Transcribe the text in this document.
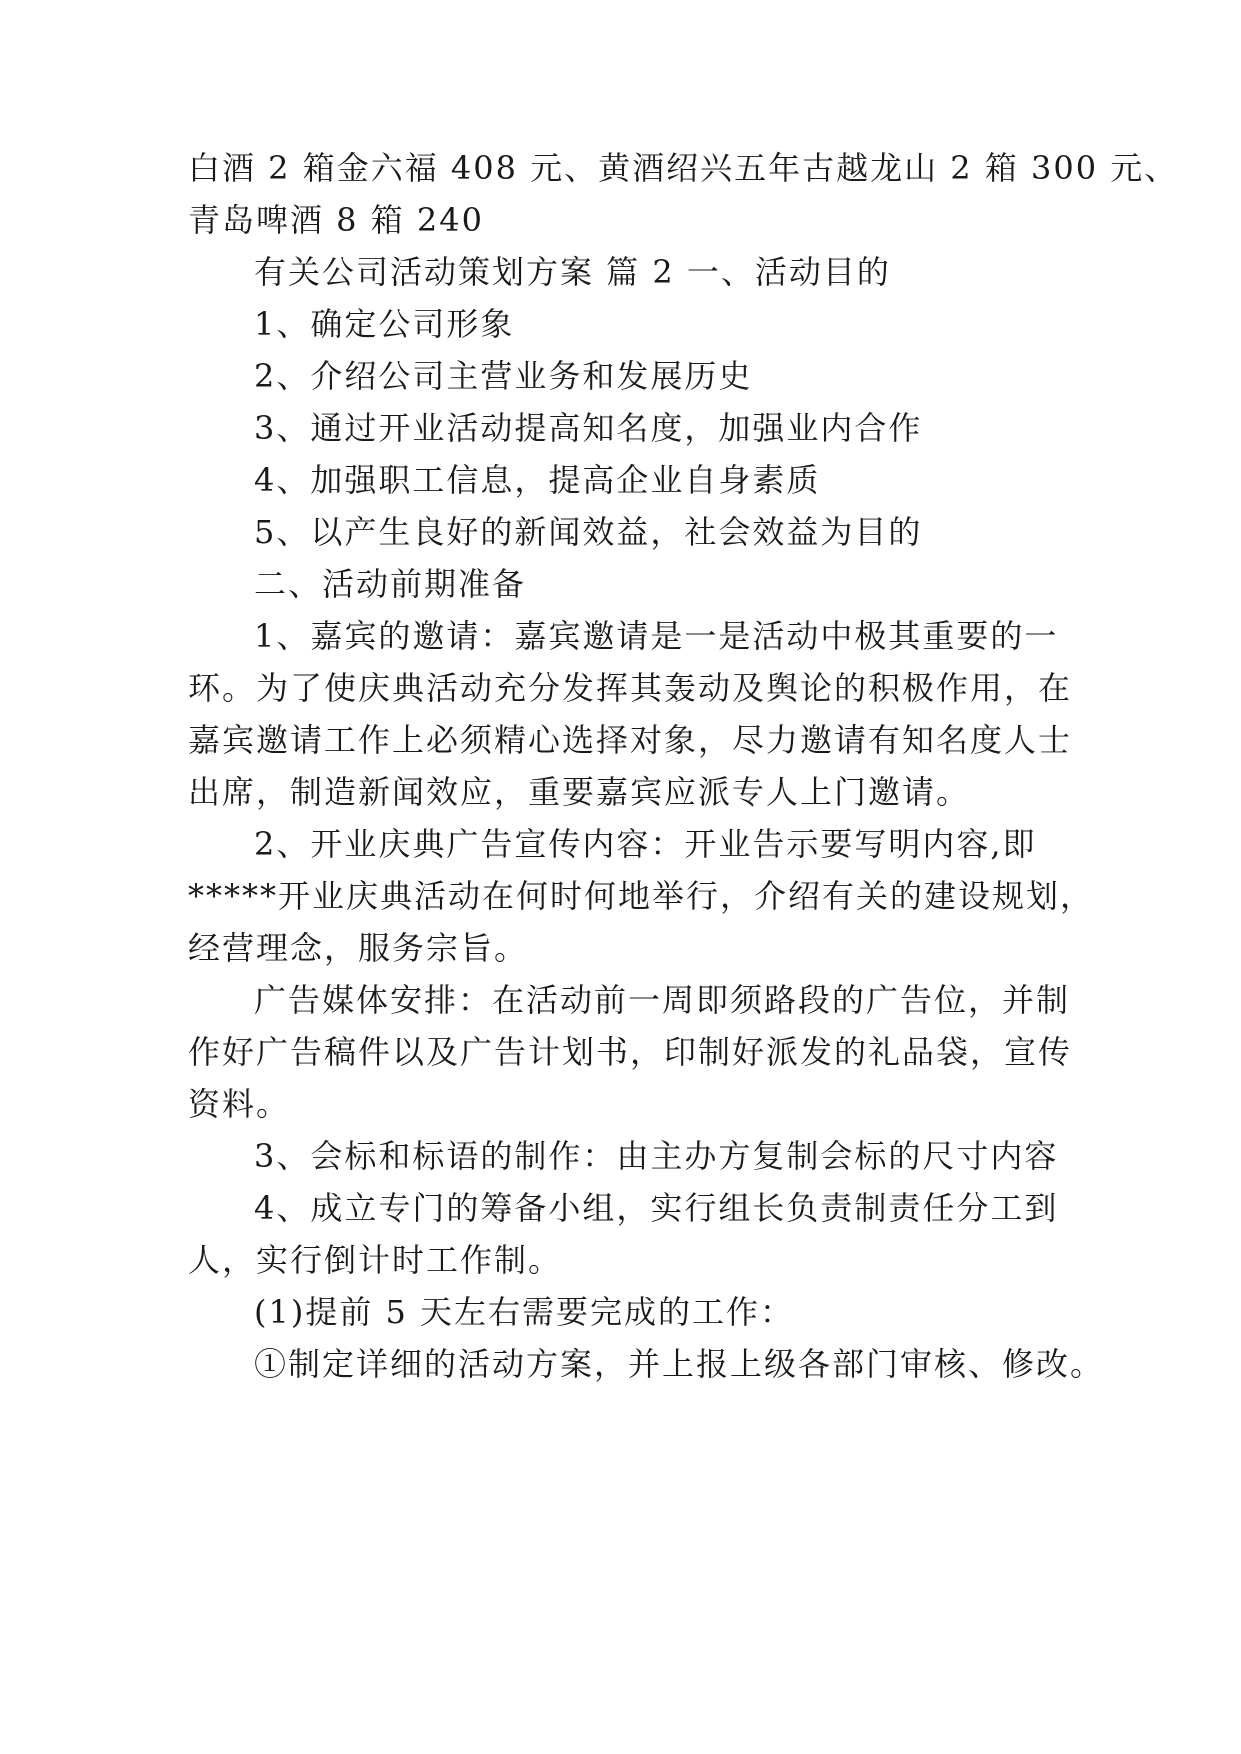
白酒 2 箱金六福 408 元、黄酒绍兴五年古越龙山 2 箱 300 元、
青岛啤酒 8 箱 240
有关公司活动策划方案 篇 2 一、活动目的
1、确定公司形象
2、介绍公司主营业务和发展历史
3、通过开业活动提高知名度，加强业内合作
4、加强职工信息，提高企业自身素质
5、以产生良好的新闻效益，社会效益为目的
二、活动前期准备
1、嘉宾的邀请：嘉宾邀请是一是活动中极其重要的一
环。为了使庆典活动充分发挥其轰动及舆论的积极作用，在
嘉宾邀请工作上必须精心选择对象，尽力邀请有知名度人士
出席，制造新闻效应，重要嘉宾应派专人上门邀请。
2、开业庆典广告宣传内容：开业告示要写明内容,即
*****开业庆典活动在何时何地举行，介绍有关的建设规划，
经营理念，服务宗旨。
广告媒体安排：在活动前一周即须路段的广告位，并制
作好广告稿件以及广告计划书，印制好派发的礼品袋，宣传
资料。
3、会标和标语的制作：由主办方复制会标的尺寸内容
4、成立专门的筹备小组，实行组长负责制责任分工到
人，实行倒计时工作制。
(1)提前 5 天左右需要完成的工作：
①制定详细的活动方案，并上报上级各部门审核、修改。
